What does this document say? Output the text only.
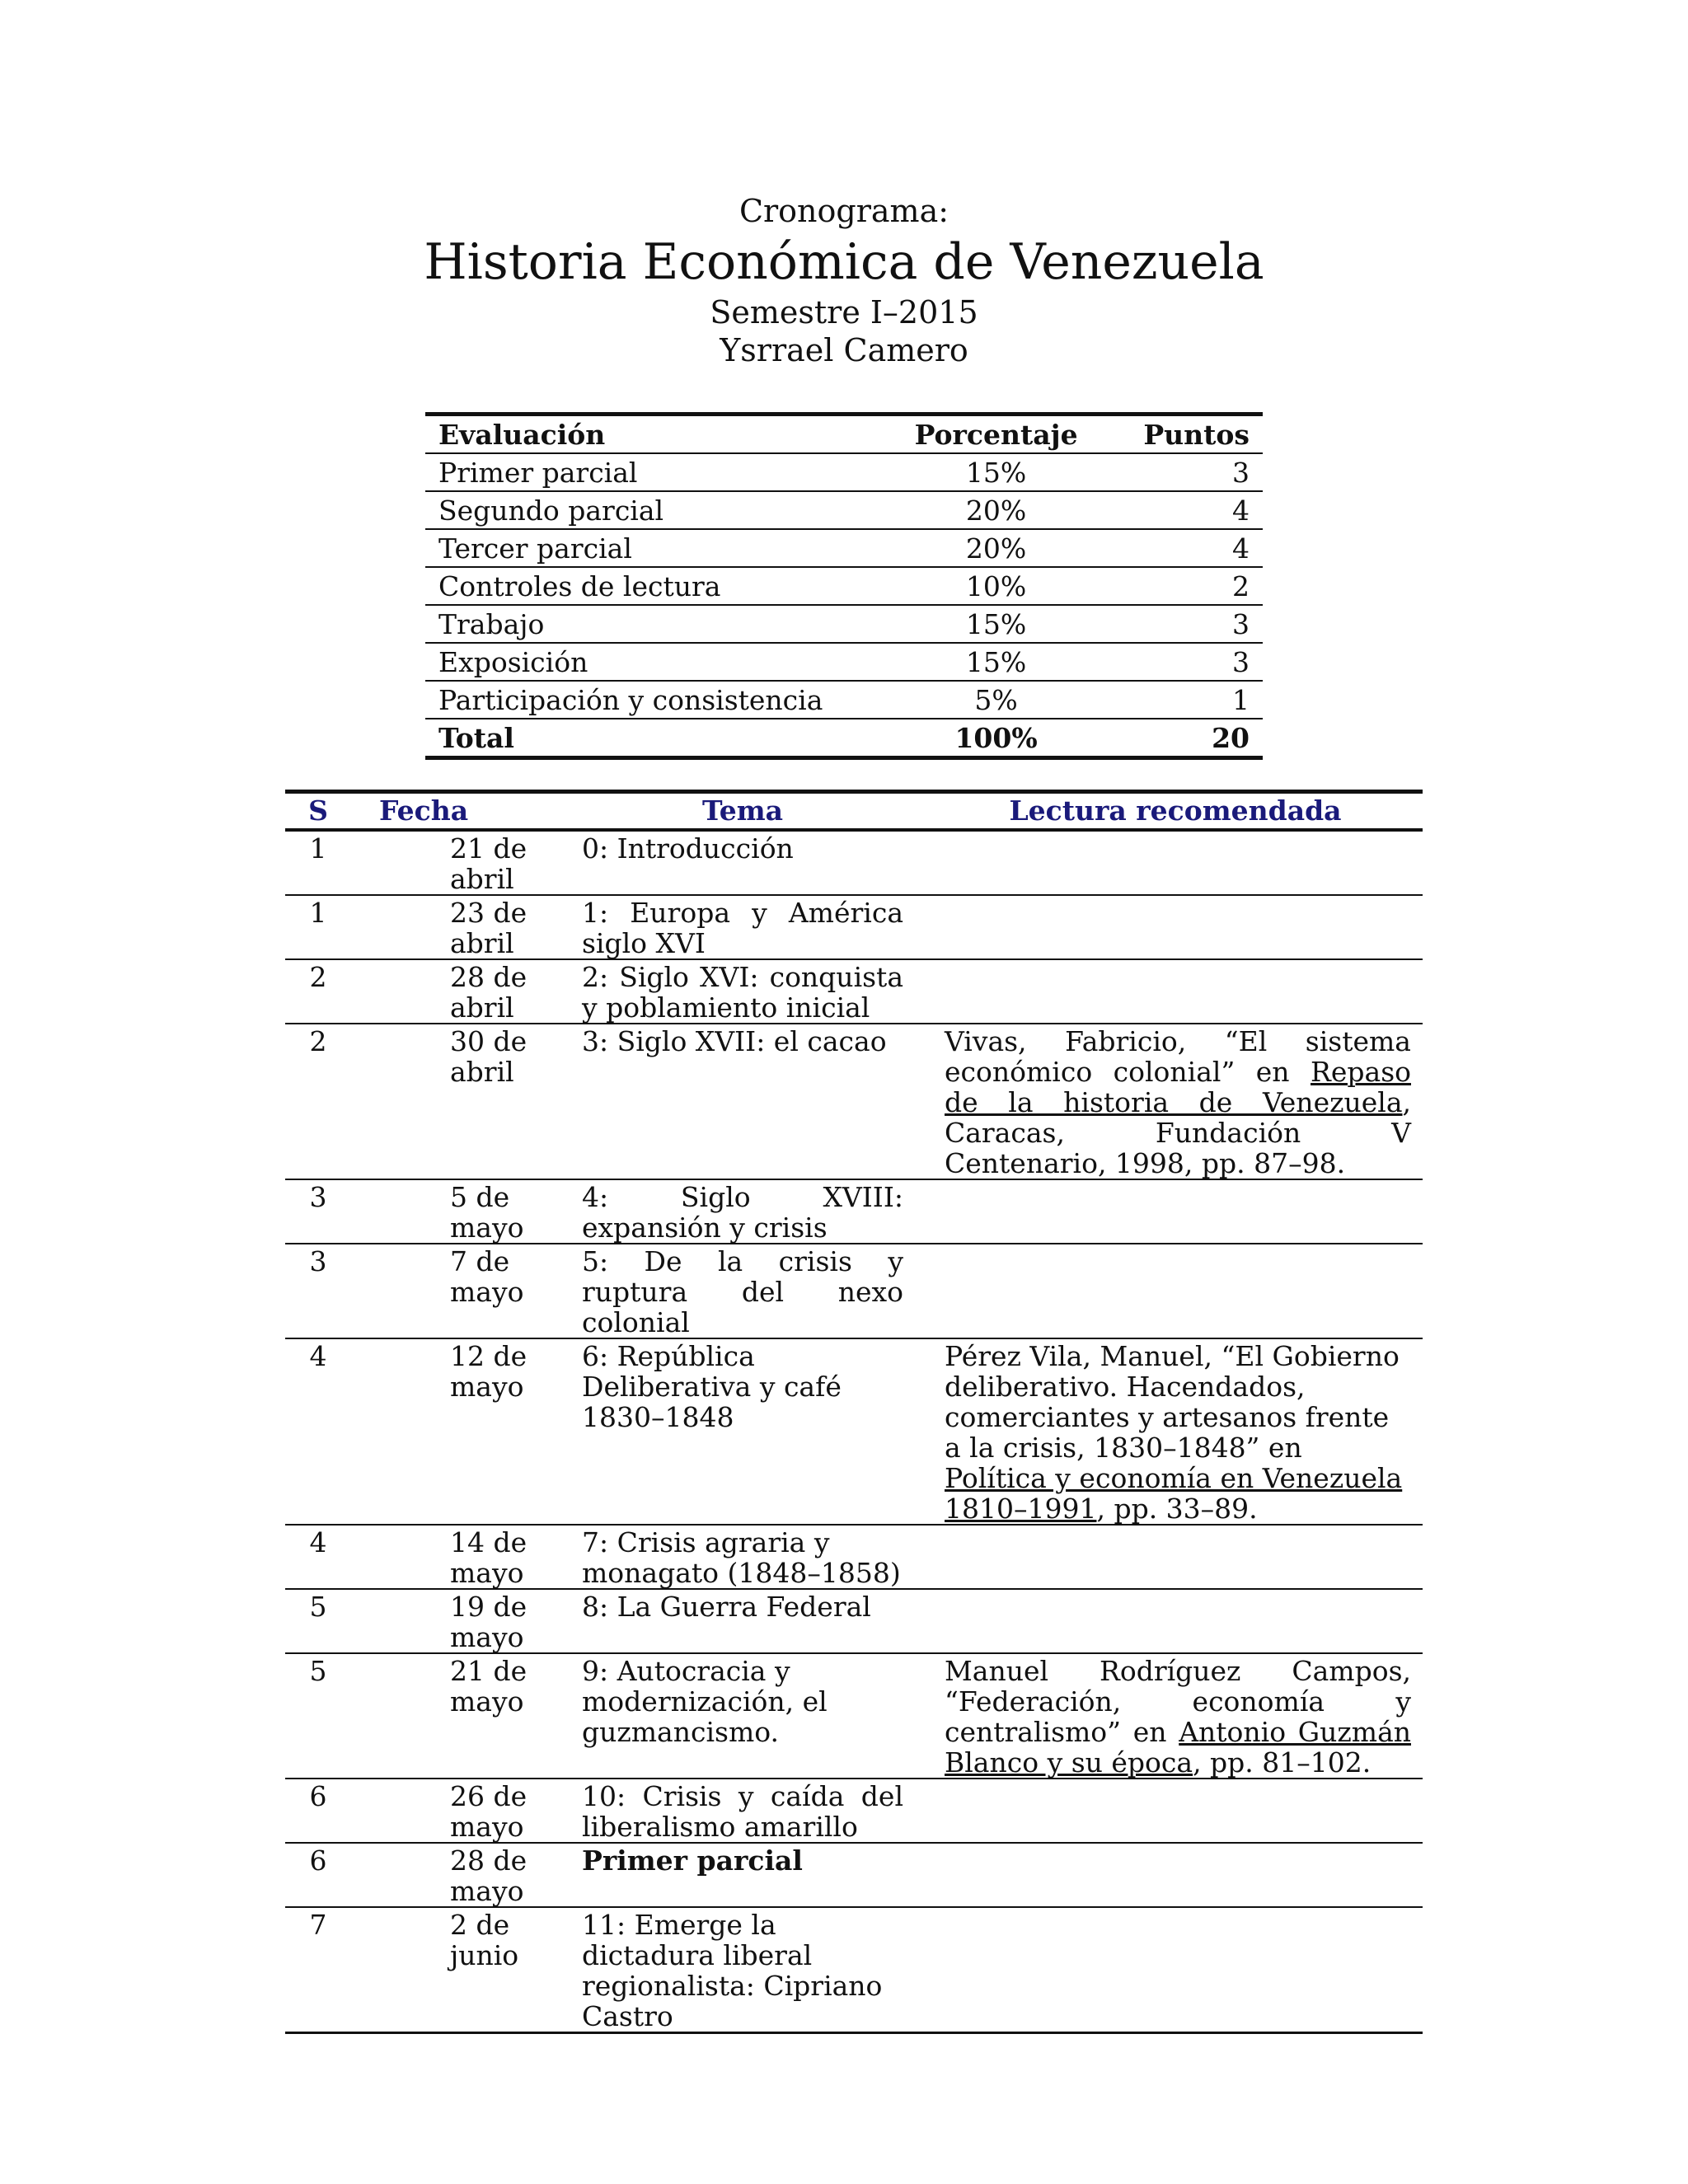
Cronograma:
Historia Económica de Venezuela
Semestre I–2015
Ysrrael Camero
Evaluación	Porcentaje	Puntos
Primer parcial	15%	3
Segundo parcial	20%	4
Tercer parcial	20%	4
Controles de lectura	10%	2
Trabajo	15%	3
Exposición	15%	3
Participación y consistencia	5%	1
Total	100%	20
S	Fecha	Tema	Lectura recomendada
1	21 de abril	0: Introducción	
1	23 de abril	1: Europa y América siglo XVI	
2	28 de abril	2: Siglo XVI: conquista y poblamiento inicial	
2	30 de abril	3: Siglo XVII: el cacao	Vivas, Fabricio, “El sistema económico colonial” en Repaso de la historia de Venezuela, Caracas, Fundación V Centenario, 1998, pp. 87–98.
3	5 de mayo	4: Siglo XVIII: expansión y crisis	
3	7 de mayo	5: De la crisis y ruptura del nexo colonial	
4	12 de mayo	6: República Deliberativa y café 1830–1848	Pérez Vila, Manuel, “El Gobierno deliberativo. Hacendados, comerciantes y artesanos frente a la crisis, 1830–1848” en Política y economía en Venezuela 1810–1991, pp. 33–89.
4	14 de mayo	7: Crisis agraria y monagato (1848–1858)	
5	19 de mayo	8: La Guerra Federal	
5	21 de mayo	9: Autocracia y modernización, el guzmancismo.	Manuel Rodríguez Campos, “Federación, economía y centralismo” en Antonio Guzmán Blanco y su época, pp. 81–102.
6	26 de mayo	10: Crisis y caída del liberalismo amarillo	
6	28 de mayo	Primer parcial	
7	2 de junio	11: Emerge la dictadura liberal regionalista: Cipriano Castro	
